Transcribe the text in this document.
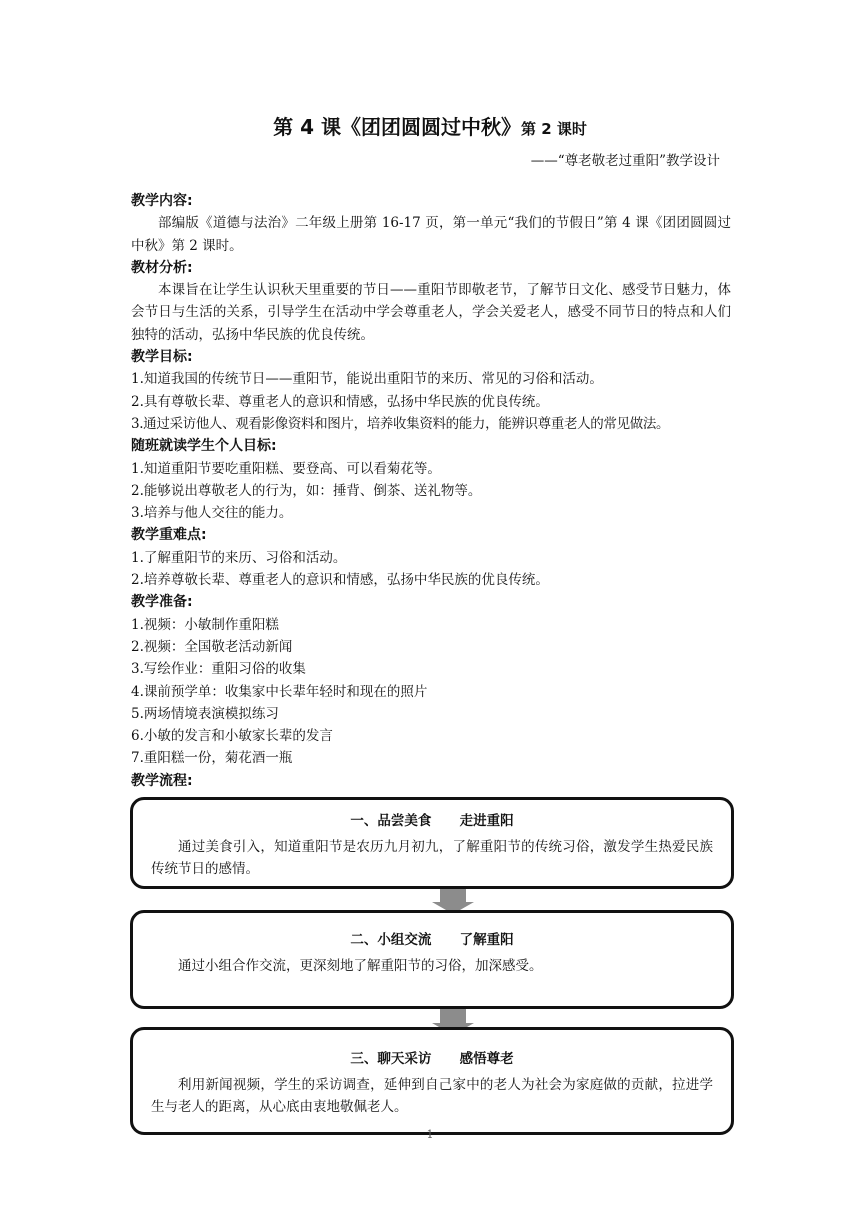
第 4 课《团团圆圆过中秋》第 2 课时
——“尊老敬老过重阳”教学设计

教学内容:

部编版《道德与法治》二年级上册第 16-17 页，第一单元“我们的节假日”第 4 课《团团圆圆过中秋》第 2 课时。

教材分析:

本课旨在让学生认识秋天里重要的节日——重阳节即敬老节，了解节日文化、感受节日魅力，体会节日与生活的关系，引导学生在活动中学会尊重老人，学会关爱老人，感受不同节日的特点和人们独特的活动，弘扬中华民族的优良传统。

教学目标:

1.知道我国的传统节日——重阳节，能说出重阳节的来历、常见的习俗和活动。

2.具有尊敬长辈、尊重老人的意识和情感，弘扬中华民族的优良传统。

3.通过采访他人、观看影像资料和图片，培养收集资料的能力，能辨识尊重老人的常见做法。

随班就读学生个人目标:

1.知道重阳节要吃重阳糕、要登高、可以看菊花等。

2.能够说出尊敬老人的行为，如：捶背、倒茶、送礼物等。

3.培养与他人交往的能力。

教学重难点:

1.了解重阳节的来历、习俗和活动。

2.培养尊敬长辈、尊重老人的意识和情感，弘扬中华民族的优良传统。

教学准备:

1.视频：小敏制作重阳糕

2.视频：全国敬老活动新闻

3.写绘作业：重阳习俗的收集

4.课前预学单：收集家中长辈年轻时和现在的照片

5.两场情境表演模拟练习

6.小敏的发言和小敏家长辈的发言

7.重阳糕一份，菊花酒一瓶

教学流程:

一、品尝美食      走进重阳

通过美食引入，知道重阳节是农历九月初九，了解重阳节的传统习俗，激发学生热爱民族传统节日的感情。

二、小组交流      了解重阳

通过小组合作交流，更深刻地了解重阳节的习俗，加深感受。

三、聊天采访      感悟尊老

利用新闻视频，学生的采访调查，延伸到自己家中的老人为社会为家庭做的贡献，拉进学生与老人的距离，从心底由衷地敬佩老人。

1
